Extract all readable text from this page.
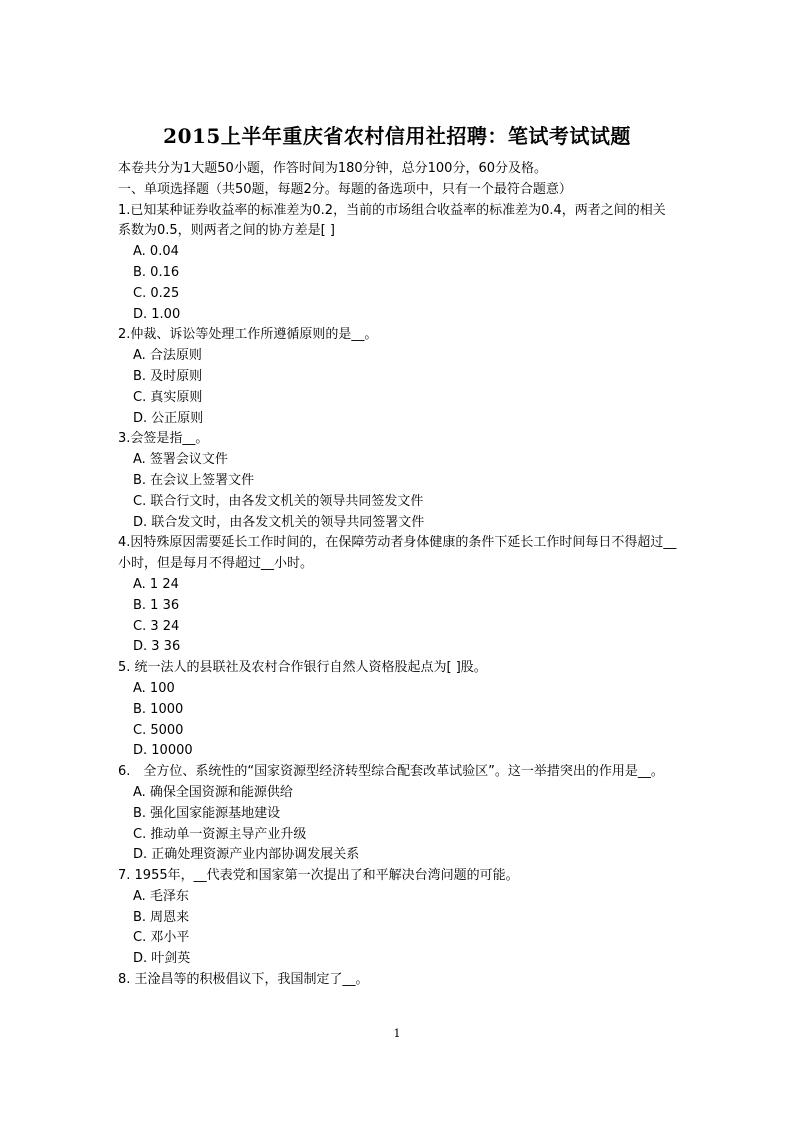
2015上半年重庆省农村信用社招聘：笔试考试试题
本卷共分为1大题50小题，作答时间为180分钟，总分100分，60分及格。
一、单项选择题（共50题，每题2分。每题的备选项中，只有一个最符合题意）
1.已知某种证券收益率的标准差为0.2，当前的市场组合收益率的标准差为0.4，两者之间的相关系数为0.5，则两者之间的协方差是[ ]
A. 0.04
B. 0.16
C. 0.25
D. 1.00
2.仲裁、诉讼等处理工作所遵循原则的是__。
A. 合法原则
B. 及时原则
C. 真实原则
D. 公正原则
3.会签是指__。
A. 签署会议文件
B. 在会议上签署文件
C. 联合行文时，由各发文机关的领导共同签发文件
D. 联合发文时，由各发文机关的领导共同签署文件
4.因特殊原因需要延长工作时间的，在保障劳动者身体健康的条件下延长工作时间每日不得超过__小时，但是每月不得超过__小时。
A. 1 24
B. 1 36
C. 3 24
D. 3 36
5. 统一法人的县联社及农村合作银行自然人资格股起点为[ ]股。
A. 100
B. 1000
C. 5000
D. 10000
6.　全方位、系统性的“国家资源型经济转型综合配套改革试验区”。这一举措突出的作用是__。
A. 确保全国资源和能源供给
B. 强化国家能源基地建设
C. 推动单一资源主导产业升级
D. 正确处理资源产业内部协调发展关系
7. 1955年，__代表党和国家第一次提出了和平解决台湾问题的可能。
A. 毛泽东
B. 周恩来
C. 邓小平
D. 叶剑英
8. 王淦昌等的积极倡议下，我国制定了__。
1
